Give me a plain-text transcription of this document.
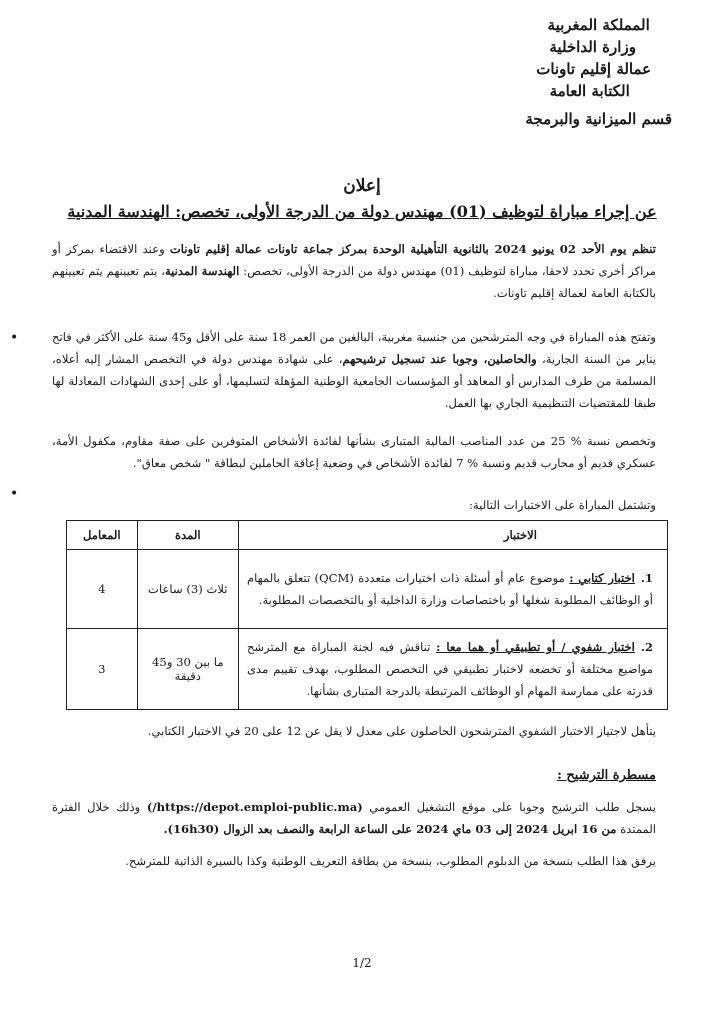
المملكة المغربية
وزارة الداخلية
عمالة إقليم تاونات
الكتابة العامة
قسم الميزانية والبرمجة
إعلان
عن إجراء مباراة لتوظيف (01) مهندس دولة من الدرجة الأولى، تخصص: الهندسة المدنية
تنظم يوم الأحد 02 يونيو 2024 بالثانوية التأهيلية الوحدة بمركز جماعة تاونات عمالة إقليم تاونات وعند الاقتضاء بمركز أو مراكز أخرى تحدد لاحقا، مباراة لتوظيف (01) مهندس دولة من الدرجة الأولى، تخصص: الهندسة المدنية، يتم تعيينهم يتم تعيينهم بالكتابة العامة لعمالة إقليم تاونات.
وتفتح هذه المباراة في وجه المترشحين من جنسية مغربية، البالغين من العمر 18 سنة على الأقل و45 سنة على الأكثر في فاتح يناير من السنة الجارية، والحاصلين، وجوبا عند تسجيل ترشيحهم، على شهادة مهندس دولة في التخصص المشار إليه أعلاه، المسلمة من طرف المدارس أو المعاهد أو المؤسسات الجامعية الوطنية المؤهلة لتسليمها، أو على إحدى الشهادات المعادلة لها طبقا للمقتضيات التنظيمية الجاري بها العمل.
وتخصص نسبة % 25 من عدد المناصب المالية المتبارى بشأنها لفائدة الأشخاص المتوفرين على صفة مقاوم، مكفول الأمة، عسكري قديم أو محارب قديم ونسبة % 7 لفائدة الأشخاص في وضعية إعاقة الحاملين لبطاقة " شخص معاق".
وتشتمل المباراة على الاختبارات التالية:
الاختبار	المدة	المعامل
1.اختبار كتابي : موضوع عام أو أسئلة ذات اختيارات متعددة (QCM) تتعلق بالمهام أو الوظائف المطلوبة شغلها أو باختصاصات وزارة الداخلية أو بالتخصصات المطلوبة.	ثلاث (3) ساعات	4
2.اختبار شفوي / أو تطبيقي أو هما معا : تناقش فيه لجنة المباراة مع المترشح مواضيع مختلفة أو تخضعه لاختبار تطبيقي في التخصص المطلوب، بهدف تقييم مدى قدرته على ممارسة المهام أو الوظائف المرتبطة بالدرجة المتبارى بشأنها.	ما بين 30 و45 دقيقة	3
يتأهل لاجتياز الاختبار الشفوي المترشحون الحاصلون على معدل لا يقل عن 12 على 20 في الاختبار الكتابي.
مسطرة الترشيح :
يسجل طلب الترشيح وجوبا على موقع التشغيل العمومي (https://depot.emploi-public.ma/) وذلك خلال الفترة الممتدة من 16 ابريل 2024 إلى 03 ماي 2024 على الساعة الرابعة والنصف بعد الزوال (16h30).
يرفق هذا الطلب بنسخة من الدبلوم المطلوب، بنسخة من بطاقة التعريف الوطنية وكذا بالسيرة الذاتية للمترشح.
1/2
•
•
